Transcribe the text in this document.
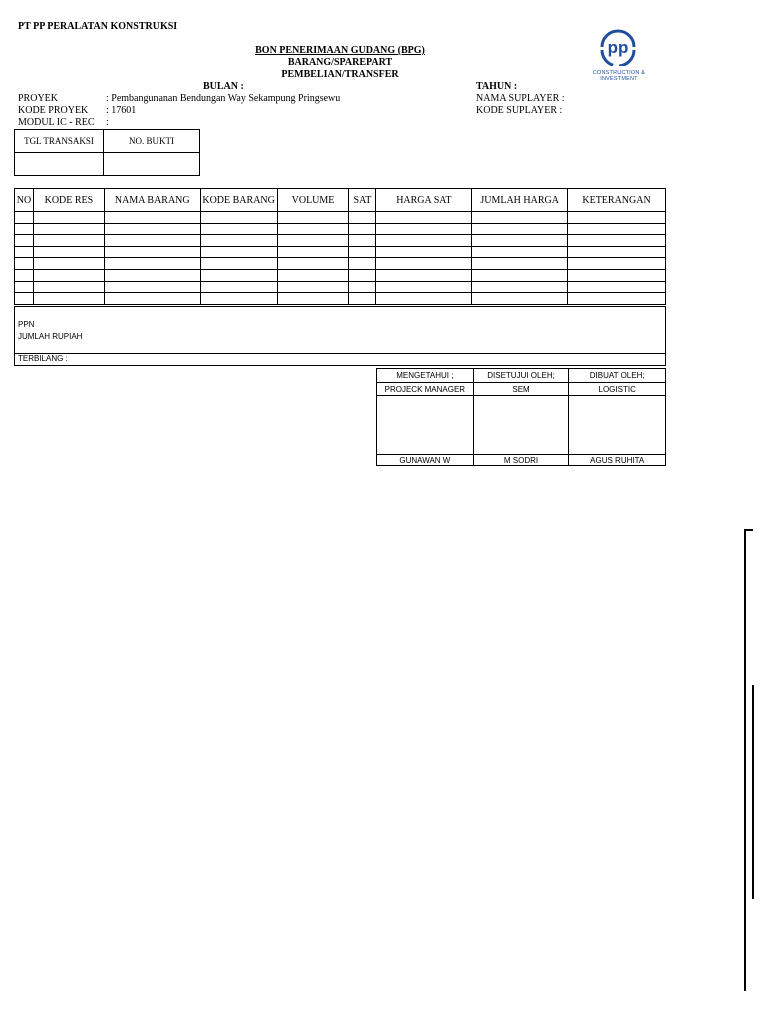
PT PP PERALATAN KONSTRUKSI
BON PENERIMAAN GUDANG (BPG)
BARANG/SPAREPART
PEMBELIAN/TRANSFER
pp
CONSTRUCTION & INVESTMENT
BULAN :	TAHUN :
PROYEK	: Pembangunanan Bendungan Way Sekampung Pringsewu
KODE PROYEK : 17601
MODUL IC - REC :
NAMA SUPLAYER :
KODE SUPLAYER :
TGL TRANSAKSI	NO. BUKTI

NO	KODE RES	NAMA BARANG	KODE BARANG	VOLUME	SAT	HARGA SAT	JUMLAH HARGA	KETERANGAN

PPN
JUMLAH RUPIAH
TERBILANG :
MENGETAHUI ;	DISETUJUI OLEH;	DIBUAT OLEH;
PROJECK MANAGER	SEM	LOGISTIC

GUNAWAN W	M SODRI	AGUS RUHITA
